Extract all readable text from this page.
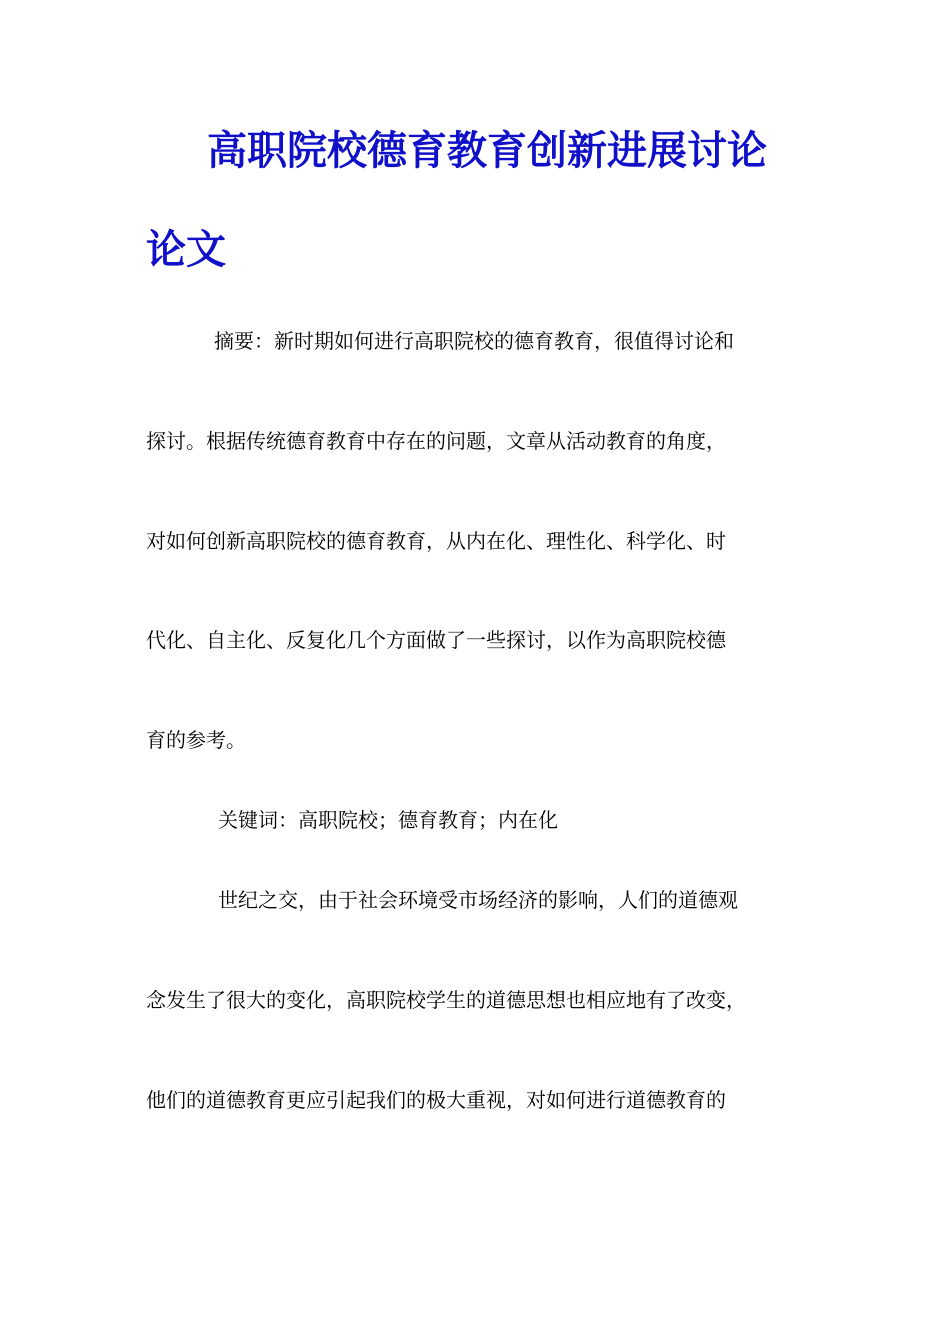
高职院校德育教育创新进展讨论
论文

摘要：新时期如何进行高职院校的德育教育，很值得讨论和

探讨。根据传统德育教育中存在的问题，文章从活动教育的角度，

对如何创新高职院校的德育教育，从内在化、理性化、科学化、时

代化、自主化、反复化几个方面做了一些探讨，以作为高职院校德

育的参考。

关键词：高职院校；德育教育；内在化

世纪之交，由于社会环境受市场经济的影响，人们的道德观

念发生了很大的变化，高职院校学生的道德思想也相应地有了改变，

他们的道德教育更应引起我们的极大重视，对如何进行道德教育的
